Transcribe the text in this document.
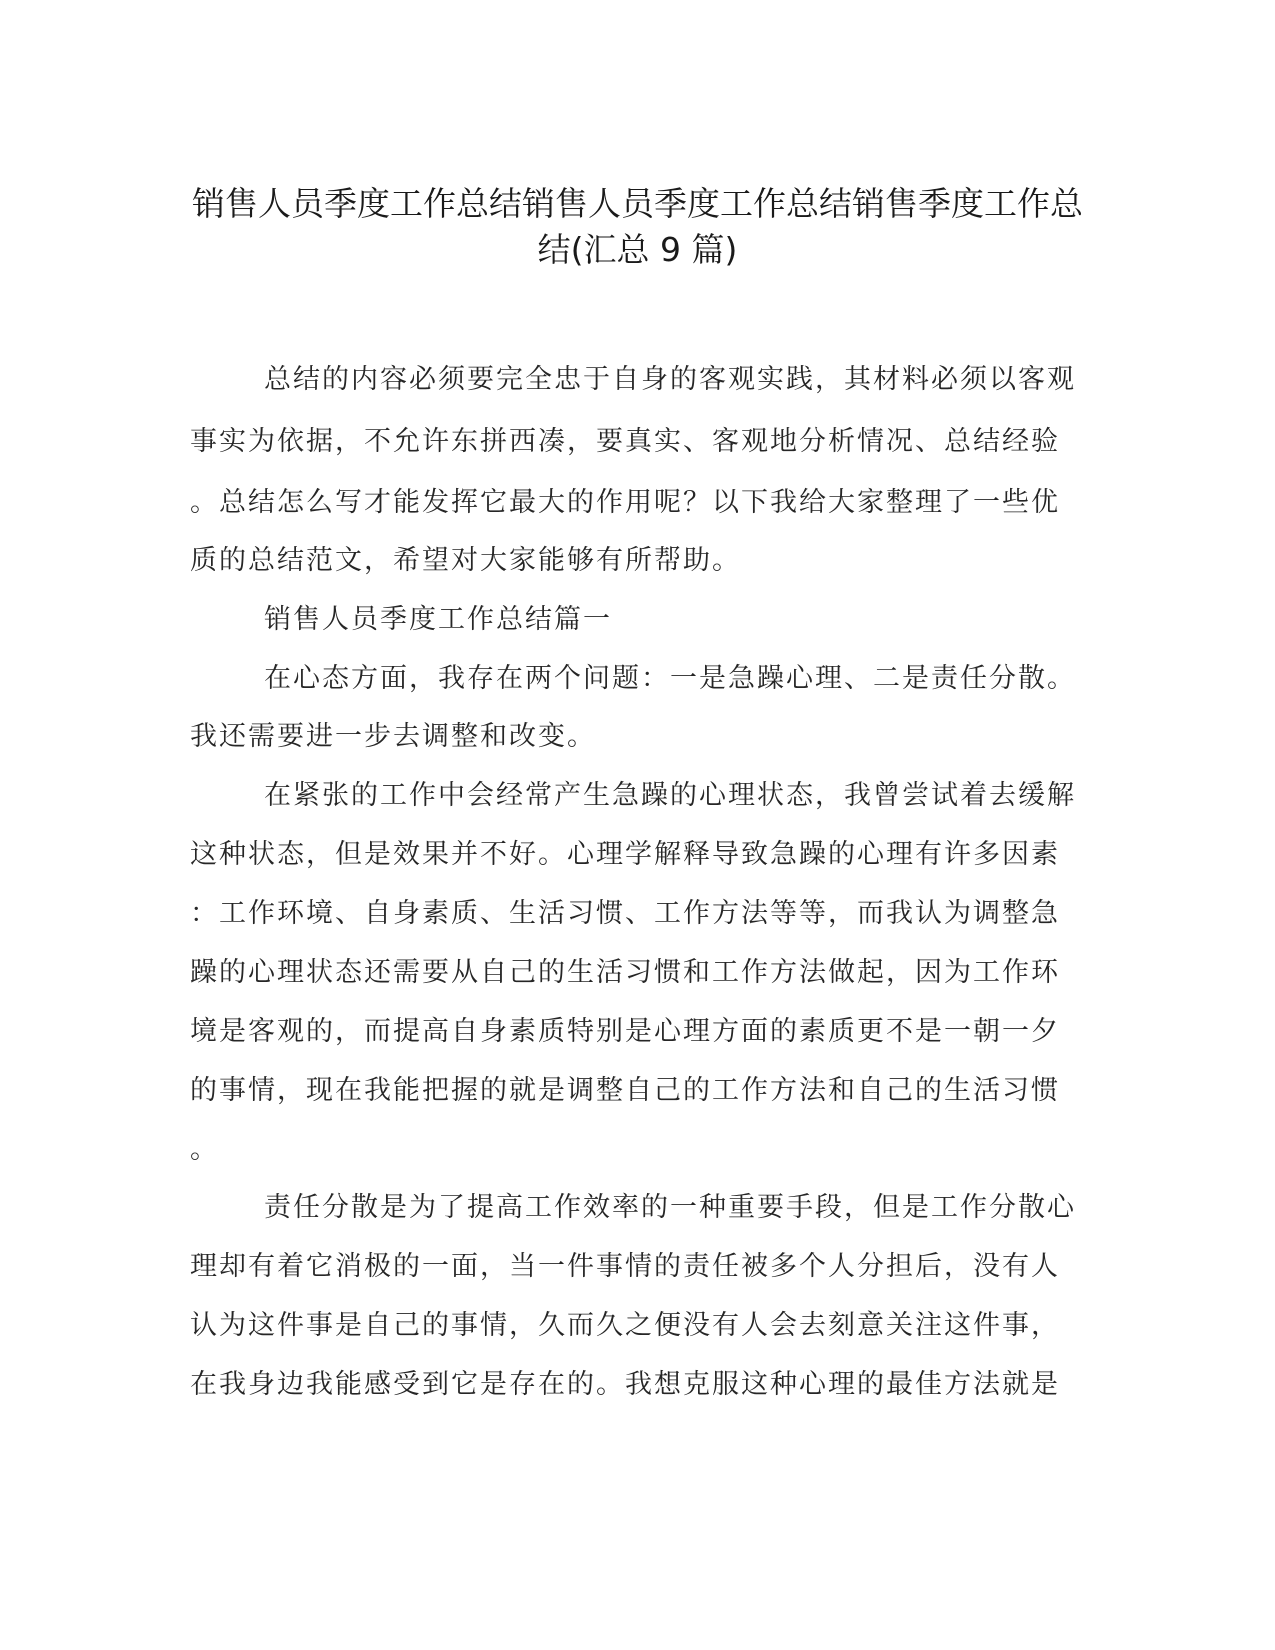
销售人员季度工作总结销售人员季度工作总结销售季度工作总
结(汇总 9 篇)

总结的内容必须要完全忠于自身的客观实践，其材料必须以客观

事实为依据，不允许东拼西凑，要真实、客观地分析情况、总结经验

。总结怎么写才能发挥它最大的作用呢？以下我给大家整理了一些优

质的总结范文，希望对大家能够有所帮助。

销售人员季度工作总结篇一

在心态方面，我存在两个问题：一是急躁心理、二是责任分散。

我还需要进一步去调整和改变。

在紧张的工作中会经常产生急躁的心理状态，我曾尝试着去缓解

这种状态，但是效果并不好。心理学解释导致急躁的心理有许多因素

：工作环境、自身素质、生活习惯、工作方法等等，而我认为调整急

躁的心理状态还需要从自己的生活习惯和工作方法做起，因为工作环

境是客观的，而提高自身素质特别是心理方面的素质更不是一朝一夕

的事情，现在我能把握的就是调整自己的工作方法和自己的生活习惯

。

责任分散是为了提高工作效率的一种重要手段，但是工作分散心

理却有着它消极的一面，当一件事情的责任被多个人分担后，没有人

认为这件事是自己的事情，久而久之便没有人会去刻意关注这件事，

在我身边我能感受到它是存在的。我想克服这种心理的最佳方法就是
